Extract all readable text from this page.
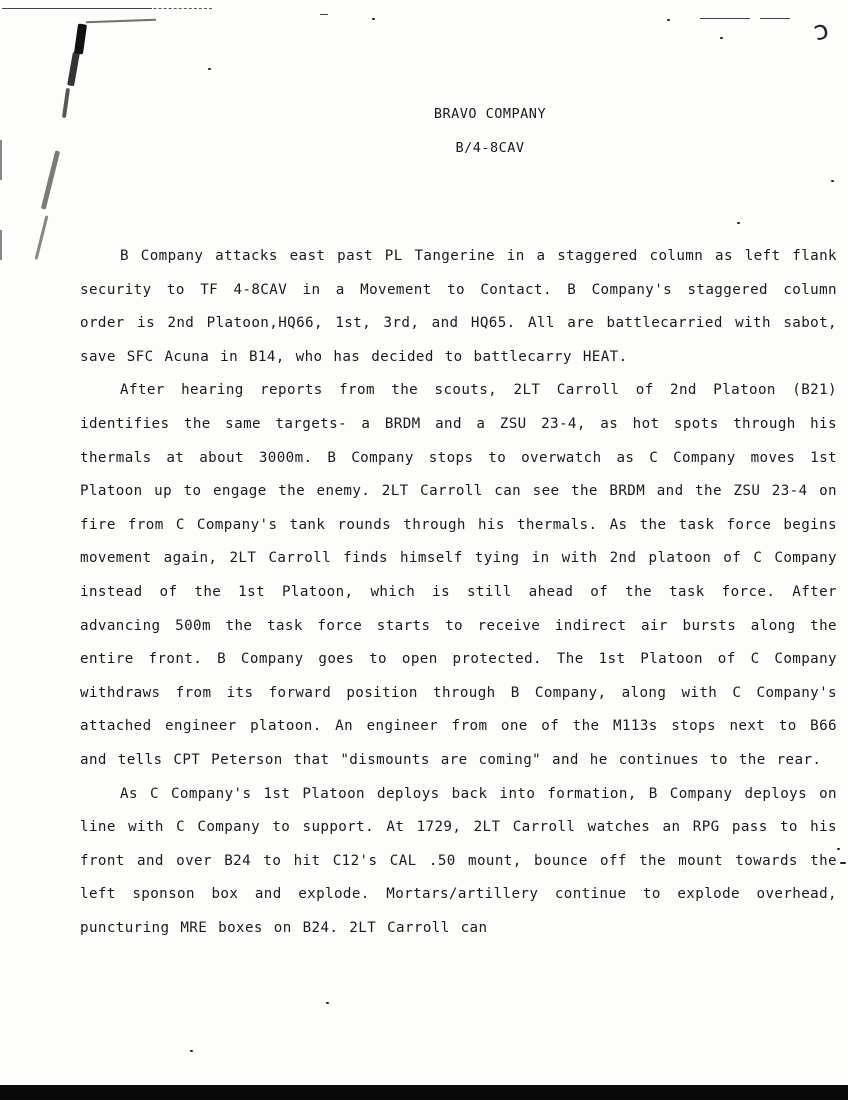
ↄ
BRAVO COMPANY
B/4-8CAV

B Company attacks east past PL Tangerine in a staggered column as left flank security to TF 4-8CAV in a Movement to Contact. B Company's staggered column order is 2nd Platoon,HQ66, 1st, 3rd, and HQ65. All are battlecarried with sabot, save SFC Acuna in B14, who has decided to battlecarry HEAT.

After hearing reports from the scouts, 2LT Carroll of 2nd Platoon (B21) identifies the same targets- a BRDM and a ZSU 23-4, as hot spots through his thermals at about 3000m. B Company stops to overwatch as C Company moves 1st Platoon up to engage the enemy. 2LT Carroll can see the BRDM and the ZSU 23-4 on fire from C Company's tank rounds through his thermals. As the task force begins movement again, 2LT Carroll finds himself tying in with 2nd platoon of C Company instead of the 1st Platoon, which is still ahead of the task force. After advancing 500m the task force starts to receive indirect air bursts along the entire front. B Company goes to open protected. The 1st Platoon of C Company withdraws from its forward position through B Company, along with C Company's attached engineer platoon. An engineer from one of the M113s stops next to B66 and tells CPT Peterson that "dismounts are coming" and he continues to the rear.

As C Company's 1st Platoon deploys back into formation, B Company deploys on line with C Company to support. At 1729, 2LT Carroll watches an RPG pass to his front and over B24 to hit C12's CAL .50 mount, bounce off the mount towards the left sponson box and explode. Mortars/artillery continue to explode overhead, puncturing MRE boxes on B24. 2LT Carroll can
